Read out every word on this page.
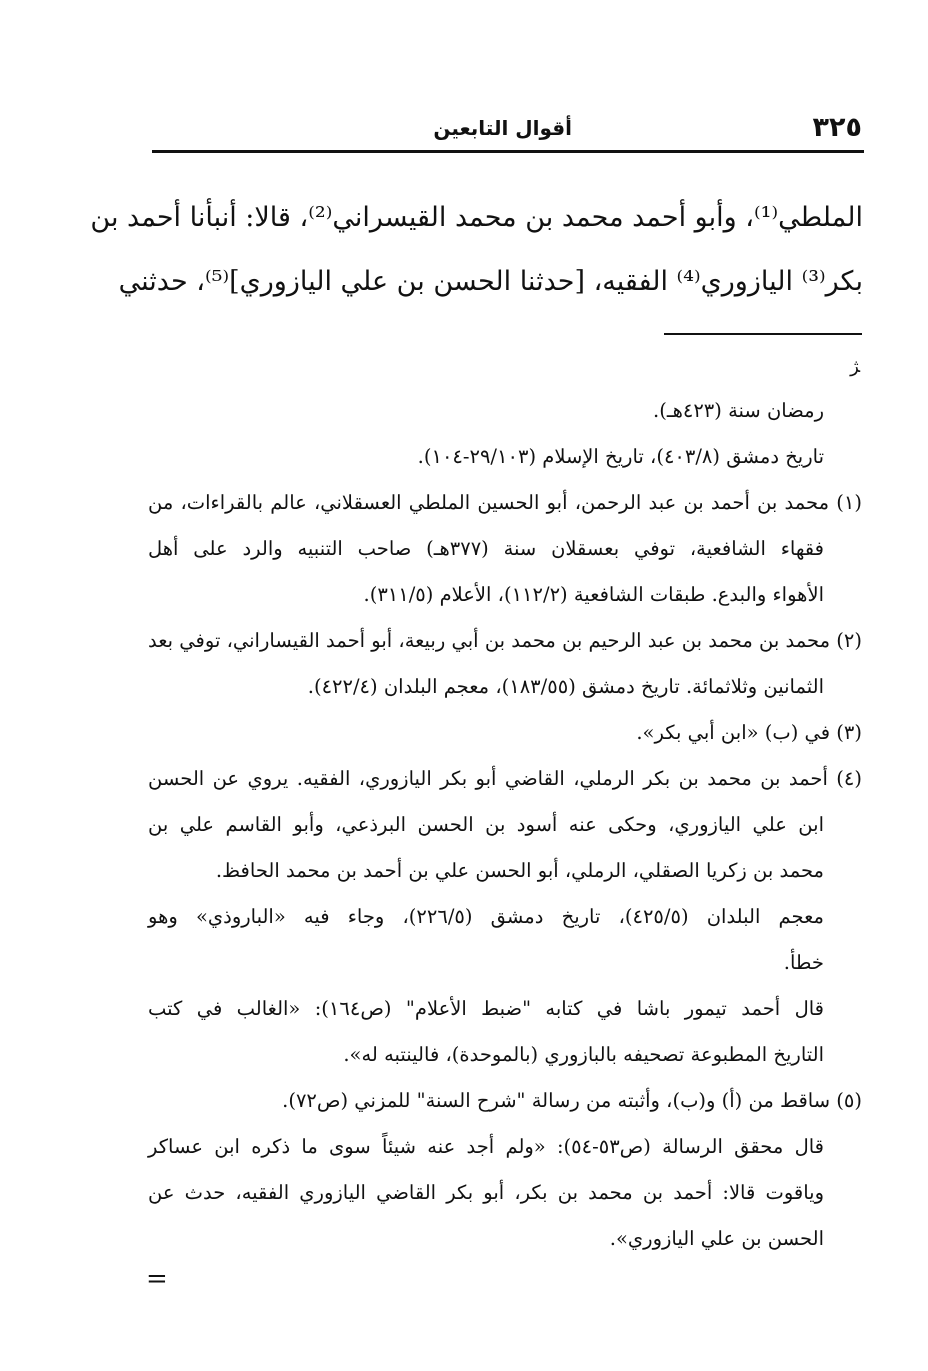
٣٢٥
أقوال التابعين
الملطي⁽¹⁾، وأبو أحمد محمد بن محمد القيسراني⁽²⁾، قالا: أنبأنا أحمد بن
بكر⁽³⁾ اليازوري⁽⁴⁾ الفقيه، [حدثنا الحسن بن علي اليازوري]⁽⁵⁾، حدثني
ﮋ
رمضان سنة (٤٢٣هـ).
تاريخ دمشق (٤٠٣/٨)، تاريخ الإسلام (٢٩/١٠٣-١٠٤).
(١) محمد بن أحمد بن عبد الرحمن، أبو الحسين الملطي العسقلاني، عالم بالقراءات، من
فقهاء الشافعية، توفي بعسقلان سنة (٣٧٧هـ) صاحب التنبيه والرد على أهل
الأهواء والبدع. طبقات الشافعية (١١٢/٢)، الأعلام (٣١١/٥).
(٢) محمد بن محمد بن عبد الرحيم بن محمد بن أبي ربيعة، أبو أحمد القيساراني، توفي بعد
الثمانين وثلاثمائة. تاريخ دمشق (١٨٣/٥٥)، معجم البلدان (٤٢٢/٤).
(٣) في (ب) «ابن أبي بكر».
(٤) أحمد بن محمد بن بكر الرملي، القاضي أبو بكر اليازوري، الفقيه. يروي عن الحسن
ابن علي اليازوري، وحكى عنه أسود بن الحسن البرذعي، وأبو القاسم علي بن
محمد بن زكريا الصقلي، الرملي، أبو الحسن علي بن أحمد بن محمد الحافظ.
معجم البلدان (٤٢٥/٥)، تاريخ دمشق (٢٢٦/٥)، وجاء فيه «الباروذي» وهو
خطأ.
قال أحمد تيمور باشا في كتابه "ضبط الأعلام" (ص١٦٤): «الغالب في كتب
التاريخ المطبوعة تصحيفه بالبازوري (بالموحدة)، فالينتبه له».
(٥) ساقط من (أ) و(ب)، وأثبته من رسالة "شرح السنة" للمزني (ص٧٢).
قال محقق الرسالة (ص٥٣-٥٤): «ولم أجد عنه شيئاً سوى ما ذكره ابن عساكر
وياقوت قالا: أحمد بن محمد بن بكر، أبو بكر القاضي اليازوري الفقيه، حدث عن
الحسن بن علي اليازوري».
=
